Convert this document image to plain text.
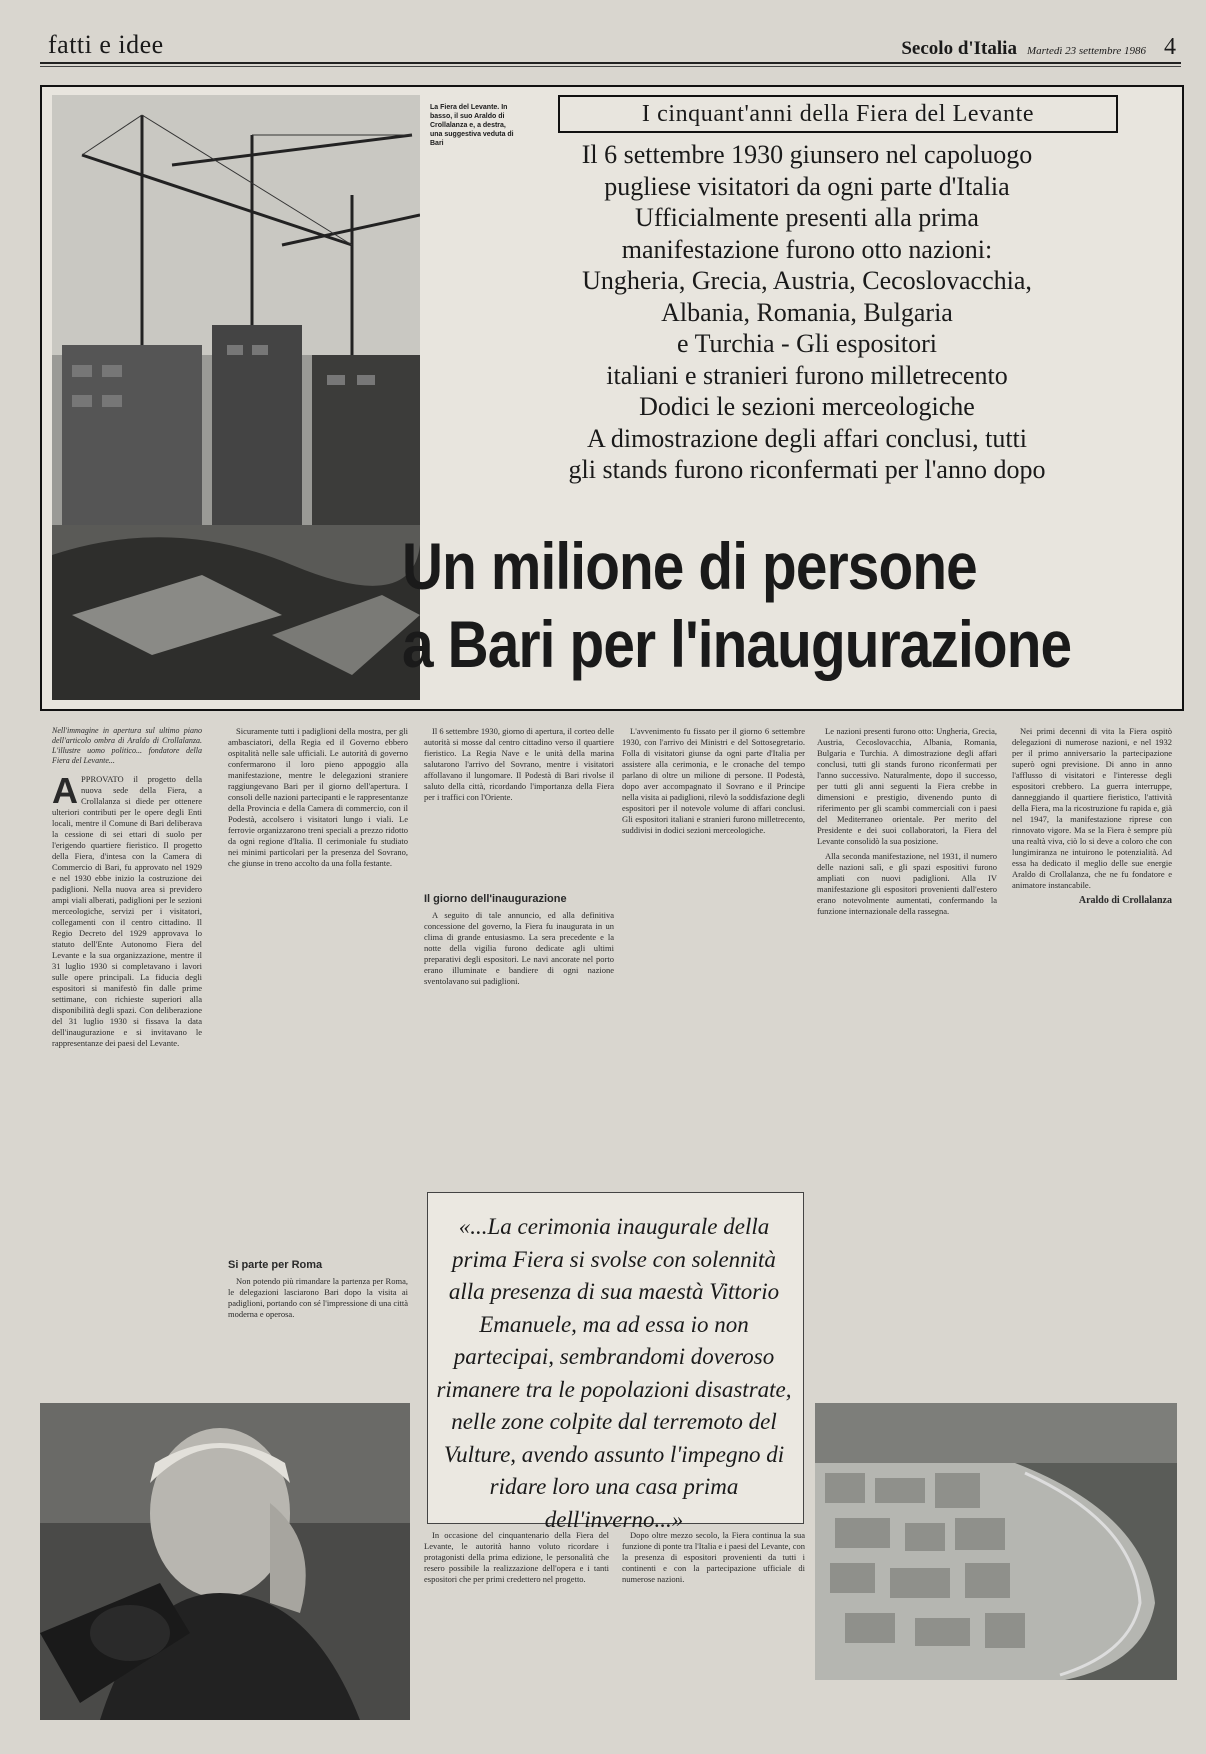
fatti e idee	Secolo d'Italia Martedì 23 settembre 1986 4
La Fiera del Levante. In basso, il suo Araldo di Crollalanza e, a destra, una suggestiva veduta di Bari
I cinquant'anni della Fiera del Levante
Il 6 settembre 1930 giunsero nel capoluogo
pugliese visitatori da ogni parte d'Italia
Ufficialmente presenti alla prima
manifestazione furono otto nazioni:
Ungheria, Grecia, Austria, Cecoslovacchia,
Albania, Romania, Bulgaria
e Turchia - Gli espositori
italiani e stranieri furono milletrecento
Dodici le sezioni merceologiche
A dimostrazione degli affari conclusi, tutti
gli stands furono riconfermati per l'anno dopo
Un milione di persone
a Bari per l'inaugurazione
Nell'immagine in apertura sul ultimo piano dell'articolo ombra di Araldo di Crollalanza. L'illustre uomo politico... fondatore della Fiera del Levante...

APPROVATO il progetto della nuova sede della Fiera, a Crollalanza si diede per ottenere ulteriori contributi per le opere degli Enti locali, mentre il Comune di Bari deliberava la cessione di sei ettari di suolo per l'erigendo quartiere fieristico. Il progetto della Fiera, d'intesa con la Camera di Commercio di Bari, fu approvato nel 1929 e nel 1930 ebbe inizio la costruzione dei padiglioni. Nella nuova area si previdero ampi viali alberati, padiglioni per le sezioni merceologiche, servizi per i visitatori, collegamenti con il centro cittadino. Il Regio Decreto del 1929 approvava lo statuto dell'Ente Autonomo Fiera del Levante e la sua organizzazione, mentre il 31 luglio 1930 si completavano i lavori sulle opere principali. La fiducia degli espositori si manifestò fin dalle prime settimane, con richieste superiori alla disponibilità degli spazi. Con deliberazione del 31 luglio 1930 si fissava la data dell'inaugurazione e si invitavano le rappresentanze dei paesi del Levante.

Sicuramente tutti i padiglioni della mostra, per gli ambasciatori, della Regia ed il Governo ebbero ospitalità nelle sale ufficiali. Le autorità di governo confermarono il loro pieno appoggio alla manifestazione, mentre le delegazioni straniere raggiungevano Bari per il giorno dell'apertura. I consoli delle nazioni partecipanti e le rappresentanze della Provincia e della Camera di commercio, con il Podestà, accolsero i visitatori lungo i viali. Le ferrovie organizzarono treni speciali a prezzo ridotto da ogni regione d'Italia. Il cerimoniale fu studiato nei minimi particolari per la presenza del Sovrano, che giunse in treno accolto da una folla festante.

Si parte per Roma

Non potendo più rimandare la partenza per Roma, le delegazioni lasciarono Bari dopo la visita ai padiglioni, portando con sé l'impressione di una città moderna e operosa.

Il 6 settembre 1930, giorno di apertura, il corteo delle autorità si mosse dal centro cittadino verso il quartiere fieristico. La Regia Nave e le unità della marina salutarono l'arrivo del Sovrano, mentre i visitatori affollavano il lungomare. Il Podestà di Bari rivolse il saluto della città, ricordando l'importanza della Fiera per i traffici con l'Oriente.

Il giorno dell'inaugurazione

A seguito di tale annuncio, ed alla definitiva concessione del governo, la Fiera fu inaugurata in un clima di grande entusiasmo. La sera precedente e la notte della vigilia furono dedicate agli ultimi preparativi degli espositori. Le navi ancorate nel porto erano illuminate e bandiere di ogni nazione sventolavano sui padiglioni.

L'avvenimento fu fissato per il giorno 6 settembre 1930, con l'arrivo dei Ministri e del Sottosegretario. Folla di visitatori giunse da ogni parte d'Italia per assistere alla cerimonia, e le cronache del tempo parlano di oltre un milione di persone. Il Podestà, dopo aver accompagnato il Sovrano e il Principe nella visita ai padiglioni, rilevò la soddisfazione degli espositori per il notevole volume di affari conclusi. Gli espositori italiani e stranieri furono milletrecento, suddivisi in dodici sezioni merceologiche.

Le nazioni presenti furono otto: Ungheria, Grecia, Austria, Cecoslovacchia, Albania, Romania, Bulgaria e Turchia. A dimostrazione degli affari conclusi, tutti gli stands furono riconfermati per l'anno successivo. Naturalmente, dopo il successo, per tutti gli anni seguenti la Fiera crebbe in dimensioni e prestigio, divenendo punto di riferimento per gli scambi commerciali con i paesi del Mediterraneo orientale. Per merito del Presidente e dei suoi collaboratori, la Fiera del Levante consolidò la sua posizione.

Alla seconda manifestazione, nel 1931, il numero delle nazioni salì, e gli spazi espositivi furono ampliati con nuovi padiglioni. Alla IV manifestazione gli espositori provenienti dall'estero erano notevolmente aumentati, confermando la funzione internazionale della rassegna.

Nei primi decenni di vita la Fiera ospitò delegazioni di numerose nazioni, e nel 1932 per il primo anniversario la partecipazione superò ogni previsione. Di anno in anno l'afflusso di visitatori e l'interesse degli espositori crebbero. La guerra interruppe, danneggiando il quartiere fieristico, l'attività della Fiera, ma la ricostruzione fu rapida e, già nel 1947, la manifestazione riprese con rinnovato vigore. Ma se la Fiera è sempre più una realtà viva, ciò lo si deve a coloro che con lungimiranza ne intuirono le potenzialità. Ad essa ha dedicato il meglio delle sue energie Araldo di Crollalanza, che ne fu fondatore e animatore instancabile.

Araldo di Crollalanza
«...La cerimonia inaugurale della prima Fiera si svolse con solennità alla presenza di sua maestà Vittorio Emanuele, ma ad essa io non partecipai, sembrandomi doveroso rimanere tra le popolazioni disastrate, nelle zone colpite dal terremoto del Vulture, avendo assunto l'impegno di ridare loro una casa prima dell'inverno...»

In occasione del cinquantenario della Fiera del Levante, le autorità hanno voluto ricordare i protagonisti della prima edizione, le personalità che resero possibile la realizzazione dell'opera e i tanti espositori che per primi credettero nel progetto.

Dopo oltre mezzo secolo, la Fiera continua la sua funzione di ponte tra l'Italia e i paesi del Levante, con la presenza di espositori provenienti da tutti i continenti e con la partecipazione ufficiale di numerose nazioni.
